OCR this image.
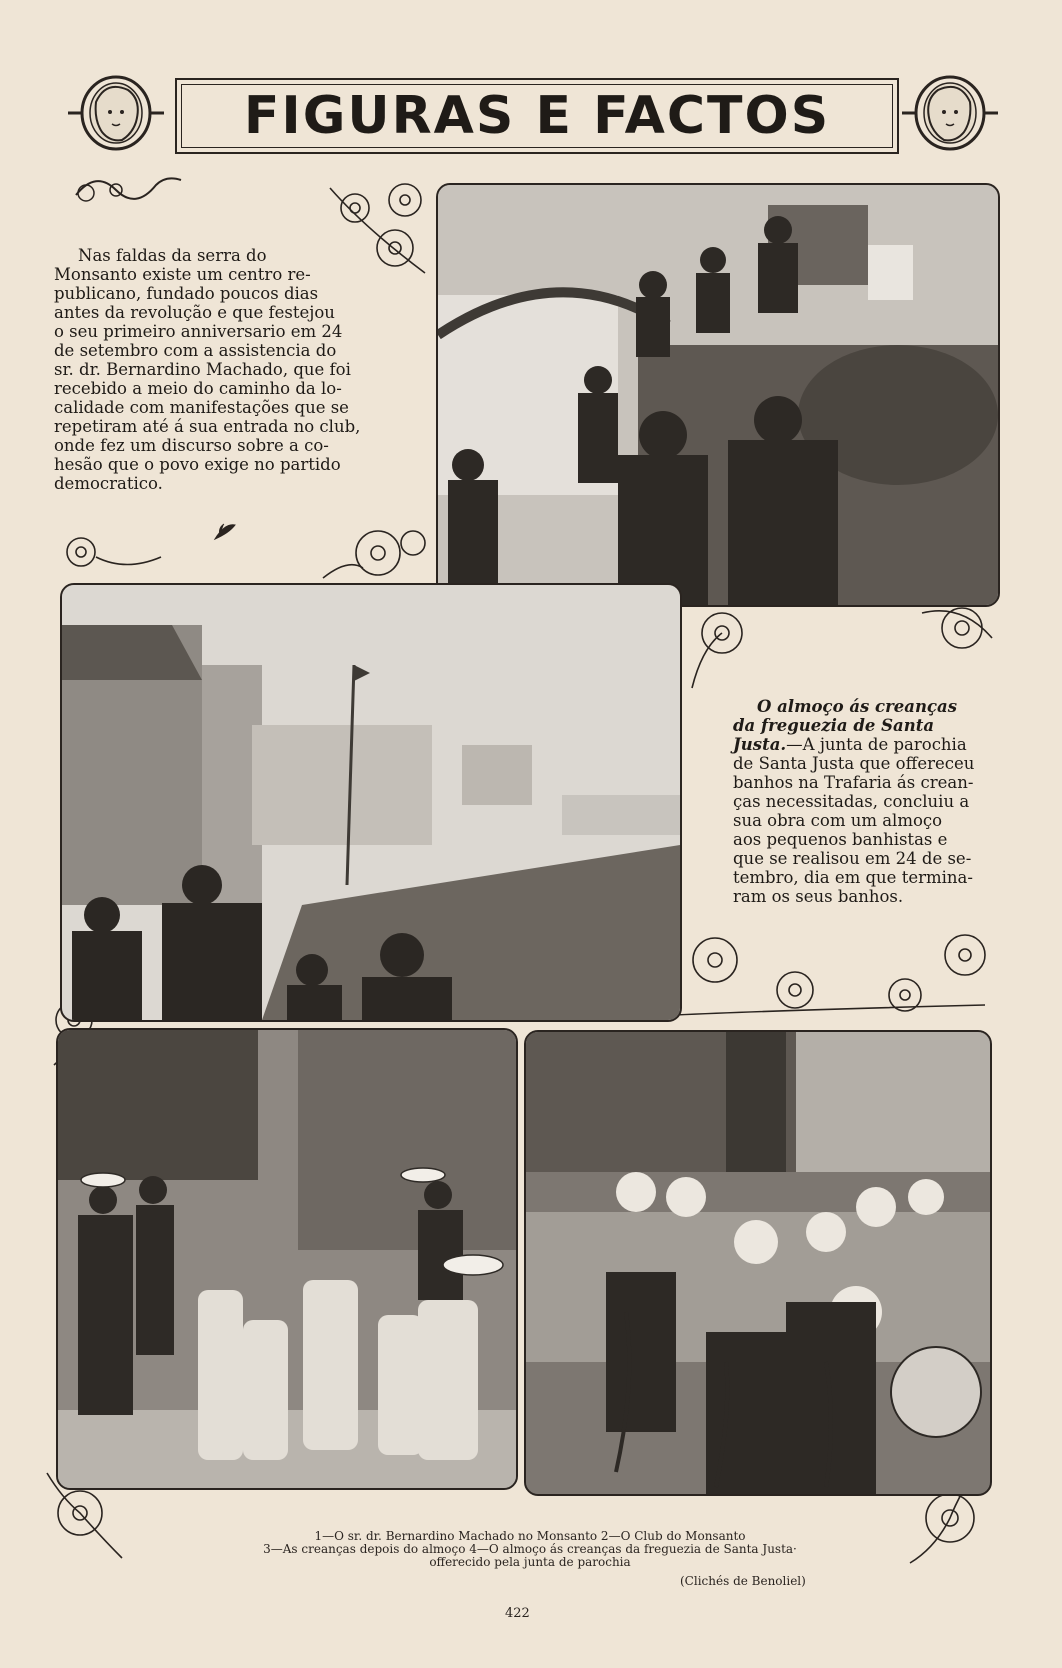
FIGURAS E FACTOS

Nas faldas da serra do

Monsanto existe um centro re-

publicano, fundado poucos dias

antes da revolução e que festejou

o seu primeiro anniversario em 24

de setembro com a assistencia do

sr. dr. Bernardino Machado, que foi

recebido a meio do caminho da lo-

calidade com manifestações que se

repetiram até á sua entrada no club,

onde fez um discurso sobre a co-

hesão que o povo exige no partido

democratico.

O almoço ás creanças

da freguezia de Santa

Justa.—A junta de parochia

de Santa Justa que offereceu

banhos na Trafaria ás crean-

ças necessitadas, concluiu a

sua obra com um almoço

aos pequenos banhistas e

que se realisou em 24 de se-

tembro, dia em que termina-

ram os seus banhos.

1—O sr. dr. Bernardino Machado no Monsanto 2—O Club do Monsanto
3—As creanças depois do almoço 4—O almoço ás creanças da freguezia de Santa Justa·
offerecido pela junta de parochia
(Clichés de Benoliel)
422
